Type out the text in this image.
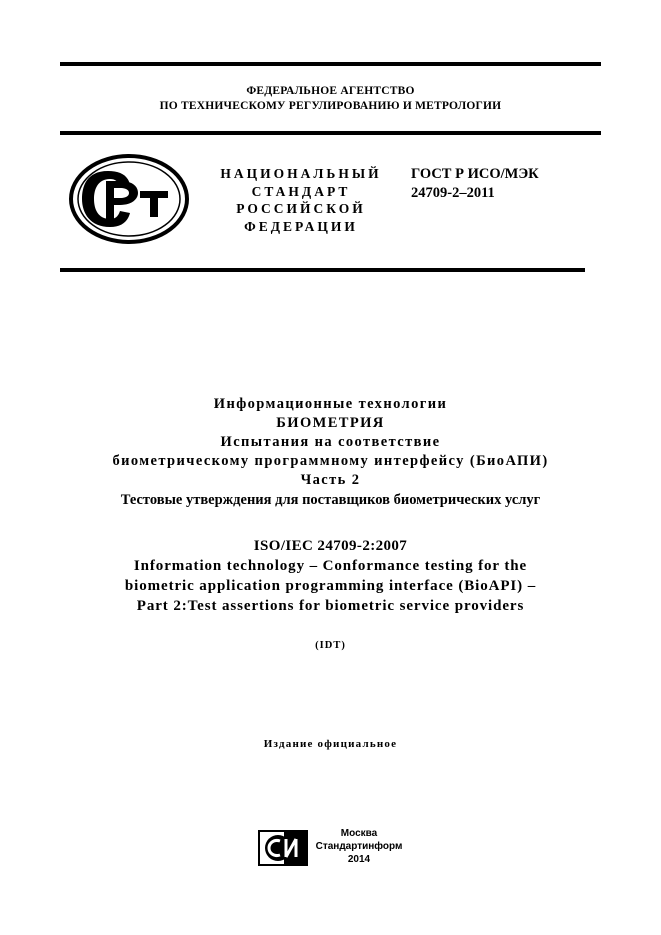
ФЕДЕРАЛЬНОЕ АГЕНТСТВО
ПО ТЕХНИЧЕСКОМУ РЕГУЛИРОВАНИЮ И МЕТРОЛОГИИ
НАЦИОНАЛЬНЫЙ
СТАНДАРТ
РОССИЙСКОЙ
ФЕДЕРАЦИИ
ГОСТ Р ИСО/МЭК
24709-2–2011
Информационные технологии
БИОМЕТРИЯ
Испытания на соответствие
биометрическому программному интерфейсу (БиоАПИ)
Часть 2
Тестовые утверждения для поставщиков биометрических услуг
ISO/IEC 24709-2:2007
Information technology – Conformance testing for the
biometric application programming interface (BioAPI) –
Part 2:Test assertions for biometric service providers
(IDT)
Издание официальное
Москва
Стандартинформ
2014
